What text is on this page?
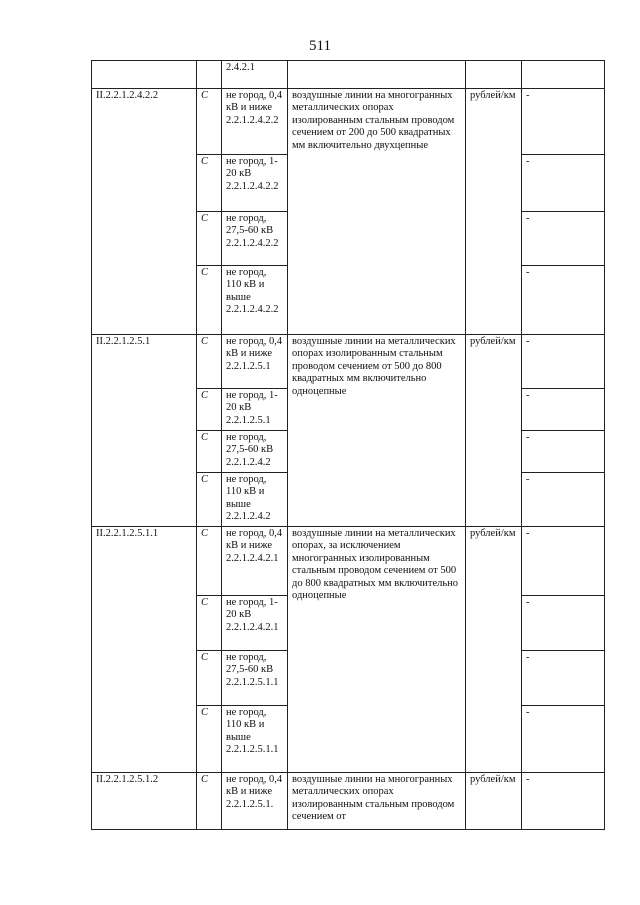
511
		2.4.2.1			
II.2.2.1.2.4.2.2	С	не город, 0,4 кВ и ниже 2.2.1.2.4.2.2	воздушные линии на многогранных металлических опорах изолированным стальным проводом сечением от 200 до 500 квадратных мм включительно двухцепные	рублей/км	-
	С	не город, 1-20 кВ 2.2.1.2.4.2.2			-
	С	не город, 27,5-60 кВ 2.2.1.2.4.2.2			-
	С	не город, 110 кВ и выше 2.2.1.2.4.2.2			-
II.2.2.1.2.5.1	С	не город, 0,4 кВ и ниже 2.2.1.2.5.1	воздушные линии на металлических опорах изолированным стальным проводом сечением от 500 до 800 квадратных мм включительно одноцепные	рублей/км	-
	С	не город, 1-20 кВ 2.2.1.2.5.1			-
	С	не город, 27,5-60 кВ 2.2.1.2.4.2			-
	С	не город, 110 кВ и выше 2.2.1.2.4.2			-
II.2.2.1.2.5.1.1	С	не город, 0,4 кВ и ниже 2.2.1.2.4.2.1	воздушные линии на металлических опорах, за исключением многогранных изолированным стальным проводом сечением от 500 до 800 квадратных мм включительно одноцепные	рублей/км	-
	С	не город, 1-20 кВ 2.2.1.2.4.2.1			-
	С	не город, 27,5-60 кВ 2.2.1.2.5.1.1			-
	С	не город, 110 кВ и выше 2.2.1.2.5.1.1			-
II.2.2.1.2.5.1.2	С	не город, 0,4 кВ и ниже 2.2.1.2.5.1.	воздушные линии на многогранных металлических опорах изолированным стальным проводом сечением от	рублей/км	-
